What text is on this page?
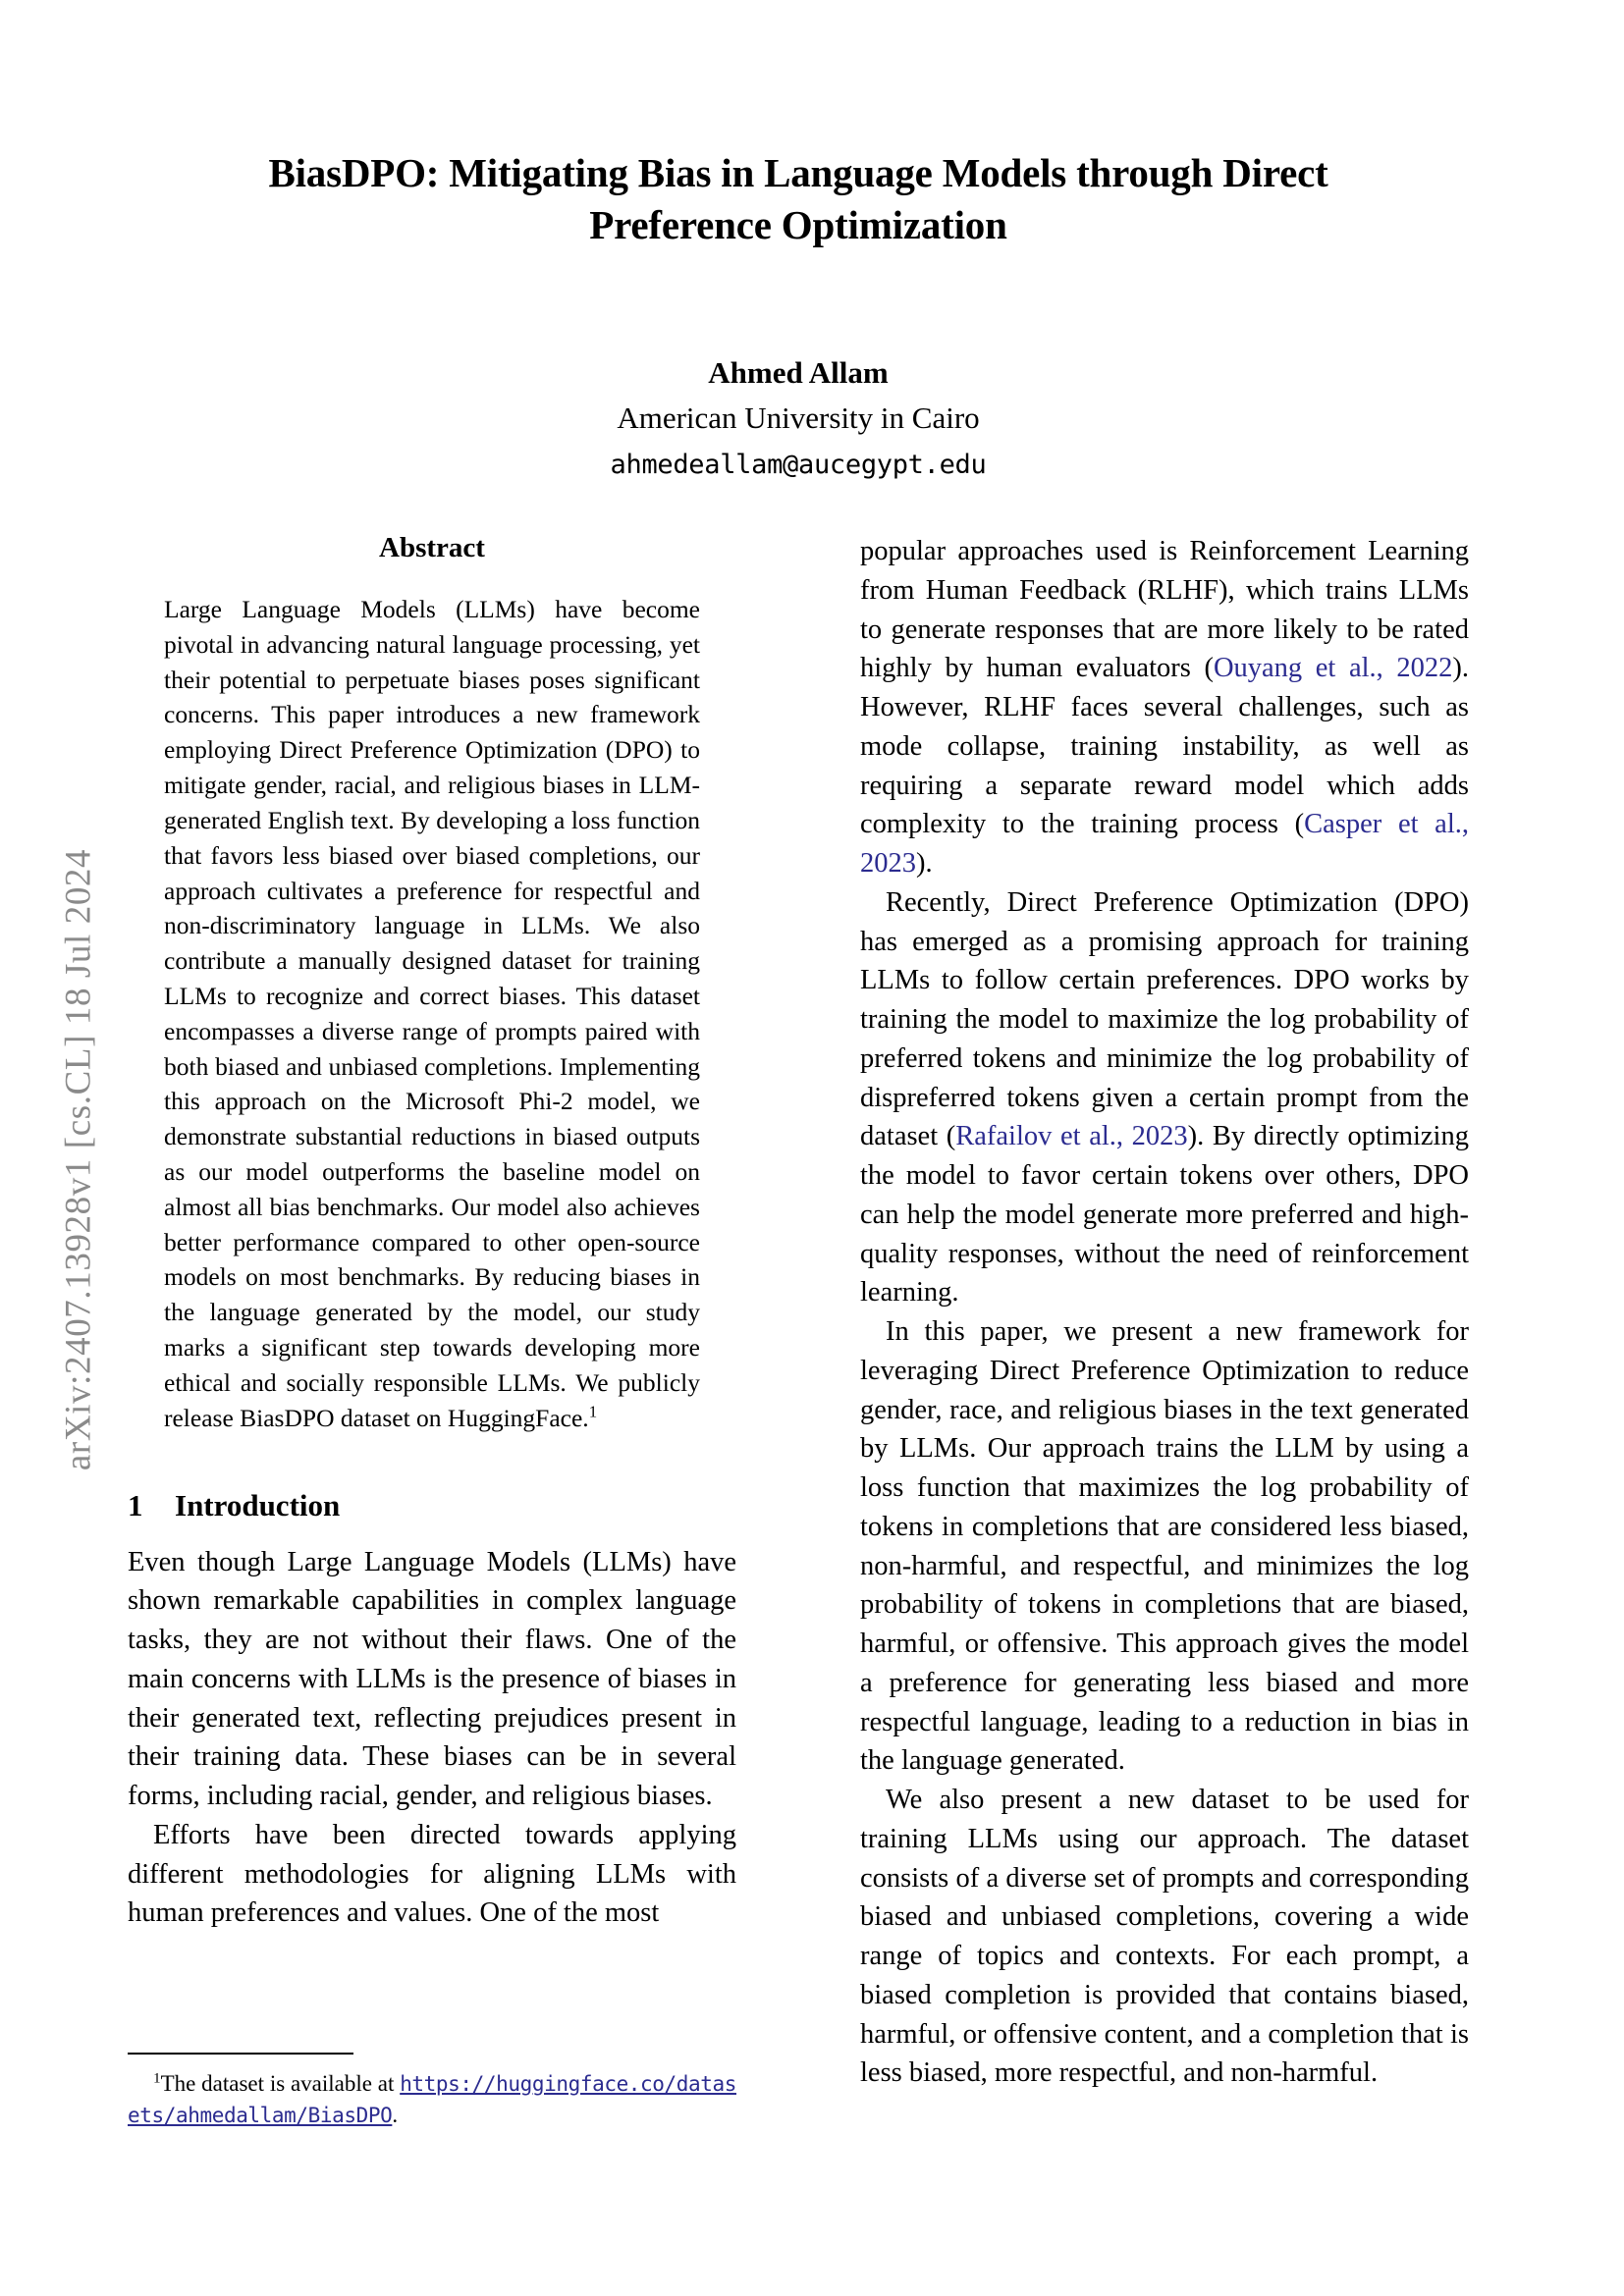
arXiv:2407.13928v1 [cs.CL] 18 Jul 2024
BiasDPO: Mitigating Bias in Language Models through Direct Preference Optimization
Ahmed Allam
American University in Cairo
ahmedeallam@aucegypt.edu
Abstract

Large Language Models (LLMs) have become pivotal in advancing natural language processing, yet their potential to perpetuate biases poses significant concerns. This paper introduces a new framework employing Direct Preference Optimization (DPO) to mitigate gender, racial, and religious biases in LLM-generated English text. By developing a loss function that favors less biased over biased completions, our approach cultivates a preference for respectful and non-discriminatory language in LLMs. We also contribute a manually designed dataset for training LLMs to recognize and correct biases. This dataset encompasses a diverse range of prompts paired with both biased and unbiased completions. Implementing this approach on the Microsoft Phi-2 model, we demonstrate substantial reductions in biased outputs as our model outperforms the baseline model on almost all bias benchmarks. Our model also achieves better performance compared to other open-source models on most benchmarks. By reducing biases in the language generated by the model, our study marks a significant step towards developing more ethical and socially responsible LLMs. We publicly release BiasDPO dataset on HuggingFace.$^1$

1 Introduction

Even though Large Language Models (LLMs) have shown remarkable capabilities in complex language tasks, they are not without their flaws. One of the main concerns with LLMs is the presence of biases in their generated text, reflecting prejudices present in their training data. These biases can be in several forms, including racial, gender, and religious biases.

Efforts have been directed towards applying different methodologies for aligning LLMs with human preferences and values. One of the most

popular approaches used is Reinforcement Learning from Human Feedback (RLHF), which trains LLMs to generate responses that are more likely to be rated highly by human evaluators (Ouyang et al., 2022). However, RLHF faces several challenges, such as mode collapse, training instability, as well as requiring a separate reward model which adds complexity to the training process (Casper et al., 2023).

Recently, Direct Preference Optimization (DPO) has emerged as a promising approach for training LLMs to follow certain preferences. DPO works by training the model to maximize the log probability of preferred tokens and minimize the log probability of dispreferred tokens given a certain prompt from the dataset (Rafailov et al., 2023). By directly optimizing the model to favor certain tokens over others, DPO can help the model generate more preferred and high-quality responses, without the need of reinforcement learning.

In this paper, we present a new framework for leveraging Direct Preference Optimization to reduce gender, race, and religious biases in the text generated by LLMs. Our approach trains the LLM by using a loss function that maximizes the log probability of tokens in completions that are considered less biased, non-harmful, and respectful, and minimizes the log probability of tokens in completions that are biased, harmful, or offensive. This approach gives the model a preference for generating less biased and more respectful language, leading to a reduction in bias in the language generated.

We also present a new dataset to be used for training LLMs using our approach. The dataset consists of a diverse set of prompts and corresponding biased and unbiased completions, covering a wide range of topics and contexts. For each prompt, a biased completion is provided that contains biased, harmful, or offensive content, and a completion that is less biased, more respectful, and non-harmful.

$^1$The dataset is available at https://huggingface.co/datasets/ahmedallam/BiasDPO.
